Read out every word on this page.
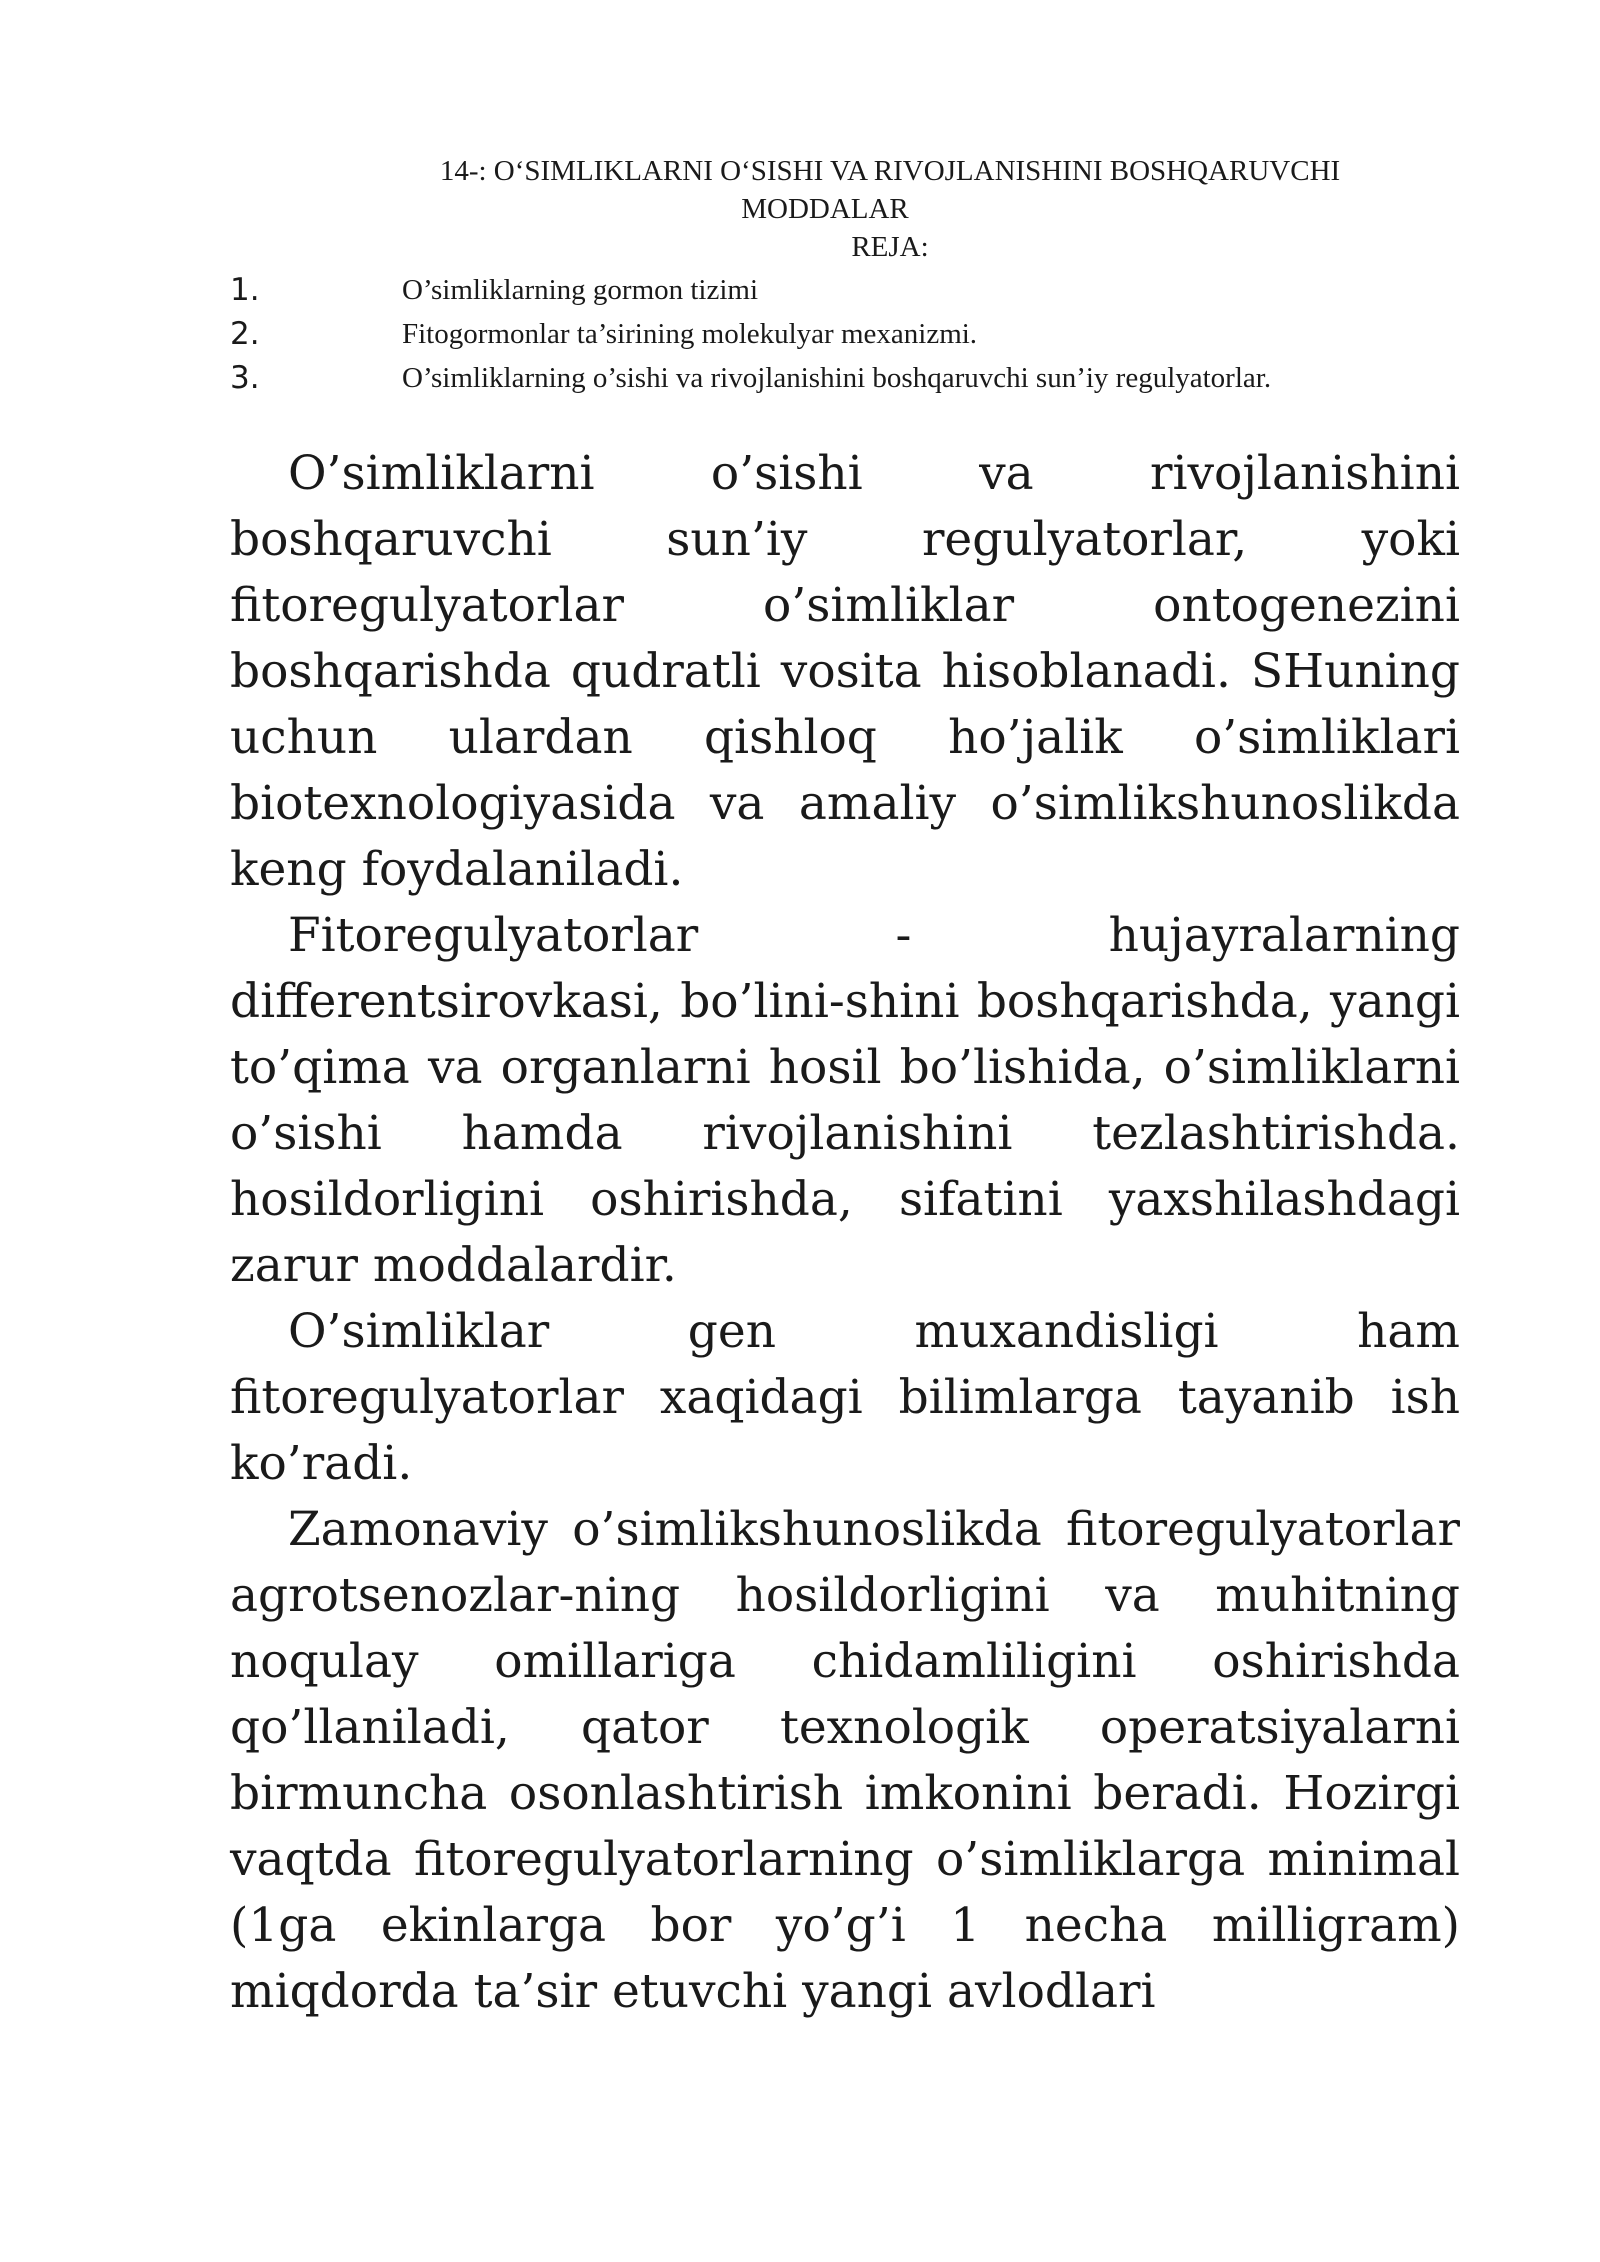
14-: O‘SIMLIKLARNI O‘SISHI VA RIVOJLANISHINI BOSHQARUVCHI
MODDALAR
REJA:
1.	O’simliklarning gormon tizimi
2.	Fitogormonlar ta’sirining molekulyar mexanizmi.
3.	O’simliklarning o’sishi va rivojlanishini boshqaruvchi sun’iy regulyatorlar.

O’simliklarni o’sishi va rivojlanishini boshqaruvchi sun’iy regulyatorlar, yoki fitoregulyatorlar o’simliklar ontogenezini boshqarishda qudratli vosita hisoblanadi. SHuning uchun ulardan qishloq ho’jalik o’simliklari biotexnologiyasida va amaliy o’simlikshunoslikda keng foydalaniladi.

Fitoregulyatorlar - hujayralarning differentsirovkasi, bo’lini-shini boshqarishda, yangi to’qima va organlarni hosil bo’lishida, o’simliklarni o’sishi hamda rivojlanishini tezlashtirishda. hosildorligini oshirishda, sifatini yaxshilashdagi zarur moddalardir.

O’simliklar gen muxandisligi ham fitoregulyatorlar xaqidagi bilimlarga tayanib ish ko’radi.

Zamonaviy o’simlikshunoslikda fitoregulyatorlar agrotsenozlar-ning hosildorligini va muhitning noqulay omillariga chidamliligini oshirishda qo’llaniladi, qator texnologik operatsiyalarni birmuncha osonlashtirish imkonini beradi. Hozirgi vaqtda fitoregulyatorlarning o’simliklarga minimal (1ga ekinlarga bor yo’g’i 1 necha milligram) miqdorda ta’sir etuvchi yangi avlodlari
